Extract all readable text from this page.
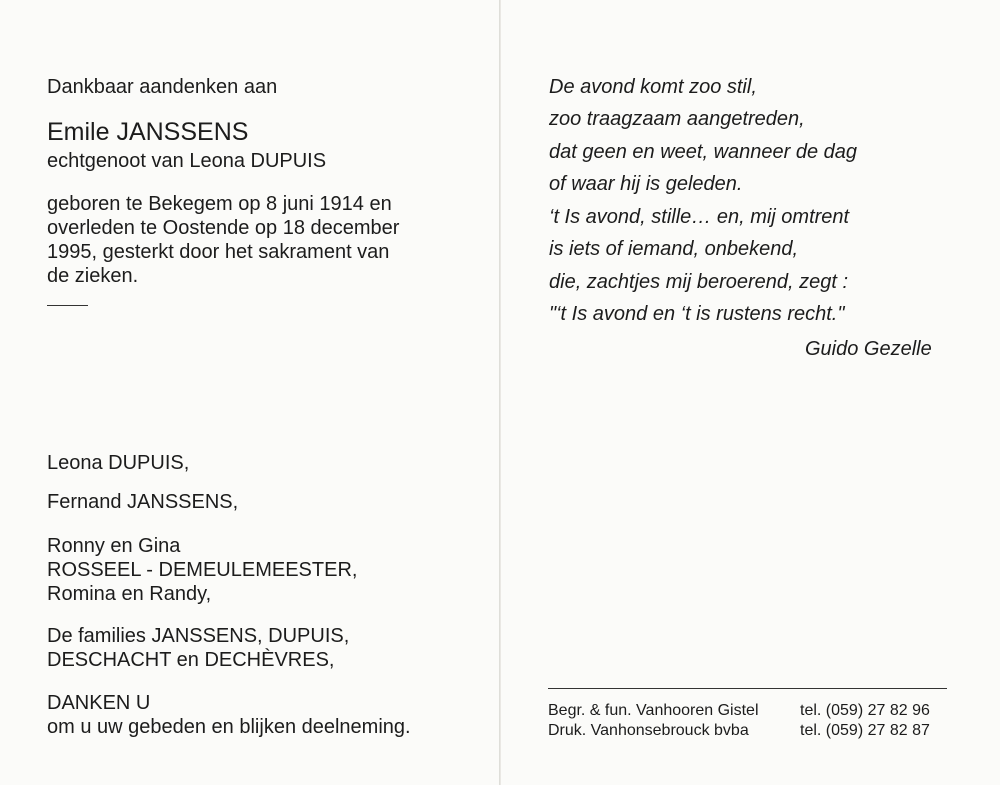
Dankbaar aandenken aan
Emile JANSSENS
echtgenoot van Leona DUPUIS
geboren te Bekegem op 8 juni 1914 en
overleden te Oostende op 18 december
1995, gesterkt door het sakrament van
de zieken.
Leona DUPUIS,
Fernand JANSSENS,
Ronny en Gina
ROSSEEL - DEMEULEMEESTER,
Romina en Randy,
De families JANSSENS, DUPUIS,
DESCHACHT en DECHÈVRES,
DANKEN U
om u uw gebeden en blijken deelneming.
De avond komt zoo stil,
zoo traagzaam aangetreden,
dat geen en weet, wanneer de dag
of waar hij is geleden.
‘t Is avond, stille… en, mij omtrent
is iets of iemand, onbekend,
die, zachtjes mij beroerend, zegt :
"‘t Is avond en ‘t is rustens recht."
Guido Gezelle
Begr. & fun. Vanhooren Gistel	tel. (059) 27 82 96
Druk. Vanhonsebrouck bvba	tel. (059) 27 82 87
